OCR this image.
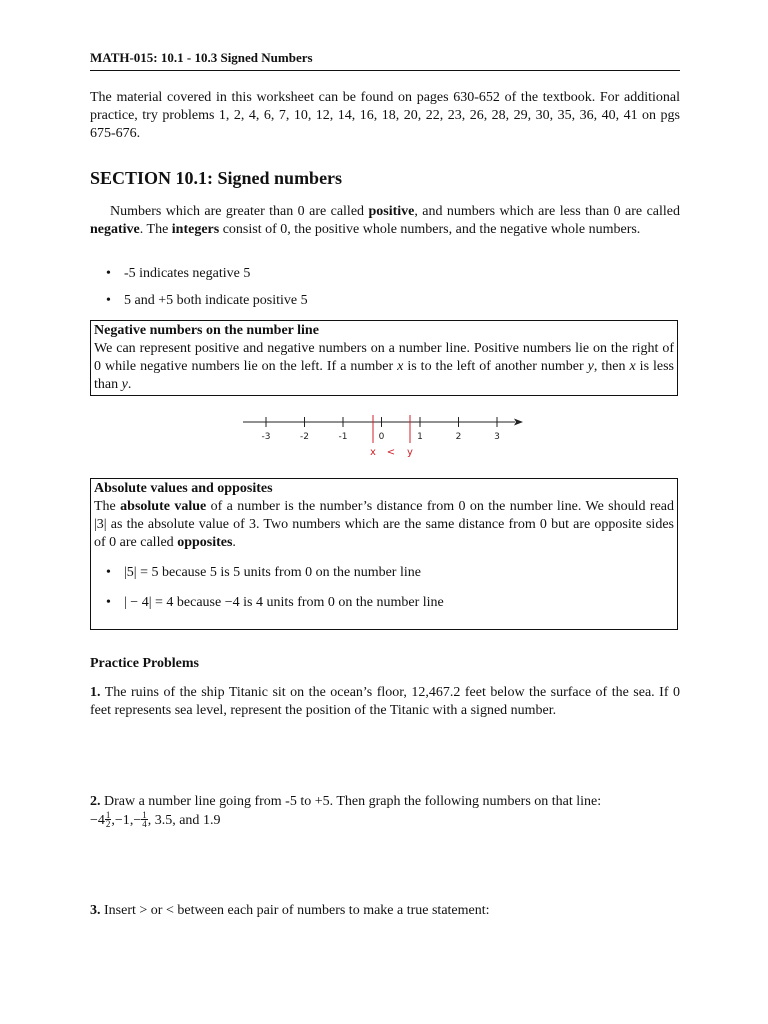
MATH-015: 10.1 - 10.3 Signed Numbers
The material covered in this worksheet can be found on pages 630-652 of the textbook. For additional practice, try problems 1, 2, 4, 6, 7, 10, 12, 14, 16, 18, 20, 22, 23, 26, 28, 29, 30, 35, 36, 40, 41 on pgs 675-676.
SECTION 10.1: Signed numbers
Numbers which are greater than 0 are called positive, and numbers which are less than 0 are called negative. The integers consist of 0, the positive whole numbers, and the negative whole numbers.
• -5 indicates negative 5
• 5 and +5 both indicate positive 5
Negative numbers on the number line
We can represent positive and negative numbers on a number line. Positive numbers lie on the right of 0 while negative numbers lie on the left. If a number x is to the left of another number y, then x is less than y.
-3	-2	-1	0	1	2	3
x < y
Absolute values and opposites
The absolute value of a number is the number’s distance from 0 on the number line. We should read |3| as the absolute value of 3. Two numbers which are the same distance from 0 but are opposite sides of 0 are called opposites.
• |5| = 5 because 5 is 5 units from 0 on the number line
• | − 4| = 4 because −4 is 4 units from 0 on the number line
Practice Problems
1. The ruins of the ship Titanic sit on the ocean’s floor, 12,467.2 feet below the surface of the sea. If 0 feet represents sea level, represent the position of the Titanic with a signed number.
2. Draw a number line going from -5 to +5. Then graph the following numbers on that line:
$-4 \frac{1}{2} ,-1,- \frac{1}{4}$ , 3.5, and 1.9
3. Insert > or < between each pair of numbers to make a true statement:
